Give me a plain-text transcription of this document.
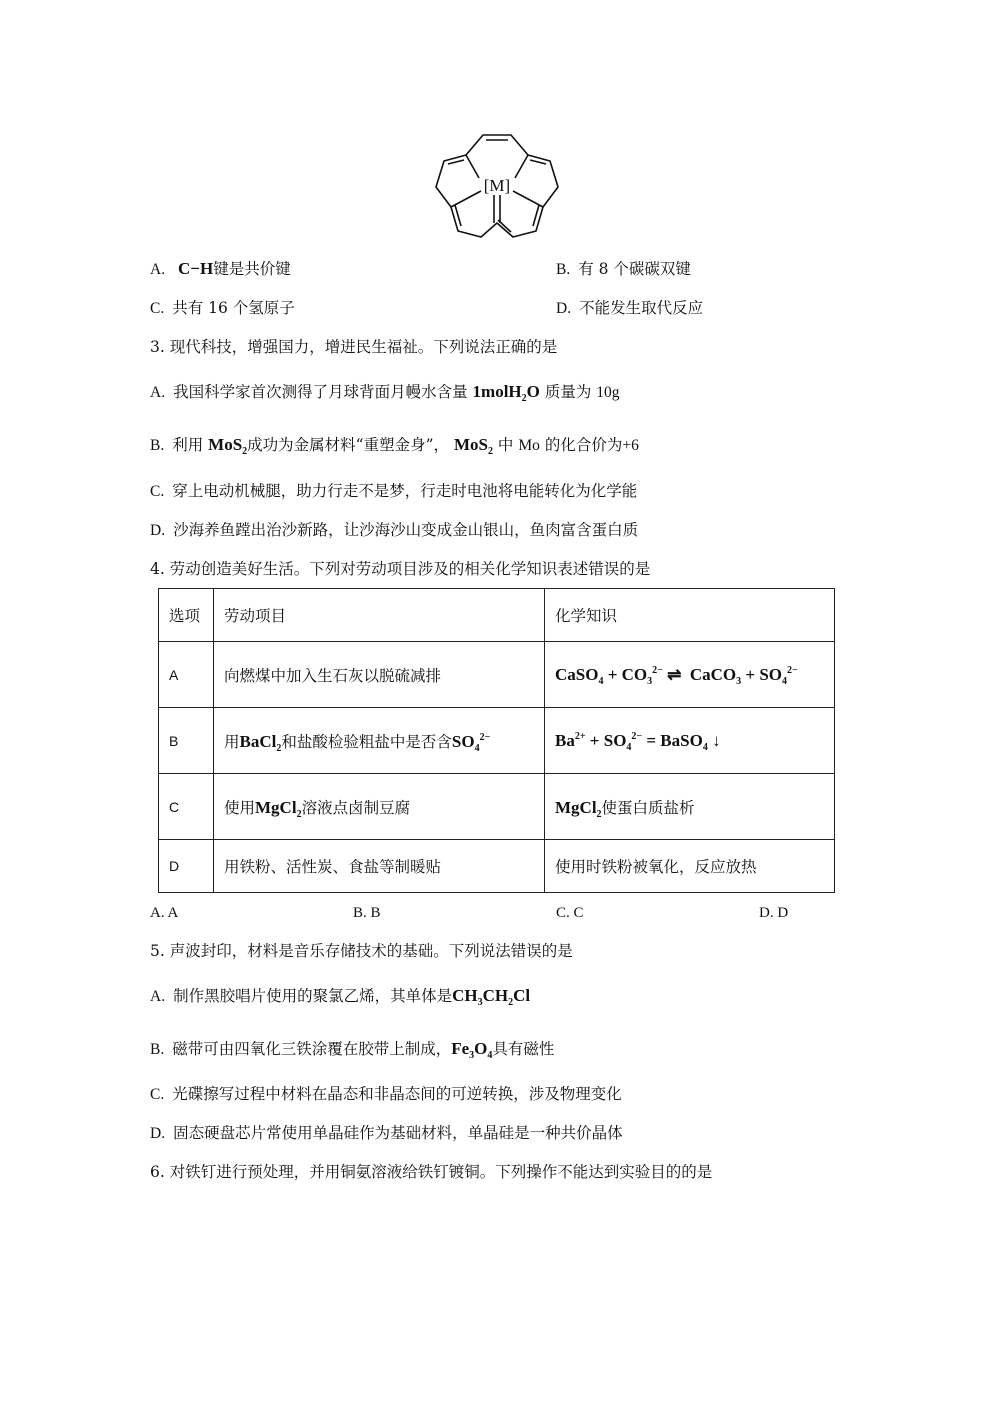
[M]
A. C−H键是共价键	B. 有 8 个碳碳双键
C. 共有 16 个氢原子	D. 不能发生取代反应
3. 现代科技，增强国力，增进民生福祉。下列说法正确的是
A. 我国科学家首次测得了月球背面月幔水含量 1molH$_2$O 质量为 10g
B. 利用 MoS$_2$成功为金属材料“重塑金身”， MoS$_2$ 中 Mo 的化合价为+6
C. 穿上电动机械腿，助力行走不是梦，行走时电池将电能转化为化学能
D. 沙海养鱼蹚出治沙新路，让沙海沙山变成金山银山，鱼肉富含蛋白质
4. 劳动创造美好生活。下列对劳动项目涉及的相关化学知识表述错误的是
选项	劳动项目	化学知识
A	向燃煤中加入生石灰以脱硫减排	CaSO$_4$ + $CO_3^{2-}$ ⇌  CaCO$_3$ + $SO_4^{2-}$
B	用BaCl$_2$和盐酸检验粗盐中是否含$SO_4^{2-}$	$Ba^{2+} + SO_4^{2-}$ = BaSO$_4$ ↓
C	使用MgCl$_2$溶液点卤制豆腐	MgCl$_2$使蛋白质盐析
D	用铁粉、活性炭、食盐等制暖贴	使用时铁粉被氧化，反应放热
A. A	B. B	C. C	D. D
5. 声波封印，材料是音乐存储技术的基础。下列说法错误的是
A. 制作黑胶唱片使用的聚氯乙烯，其单体是$CH_3CH_2Cl$
B. 磁带可由四氧化三铁涂覆在胶带上制成，$Fe_3O_4$具有磁性
C. 光碟擦写过程中材料在晶态和非晶态间的可逆转换，涉及物理变化
D. 固态硬盘芯片常使用单晶硅作为基础材料，单晶硅是一种共价晶体
6. 对铁钉进行预处理，并用铜氨溶液给铁钉镀铜。下列操作不能达到实验目的的是
